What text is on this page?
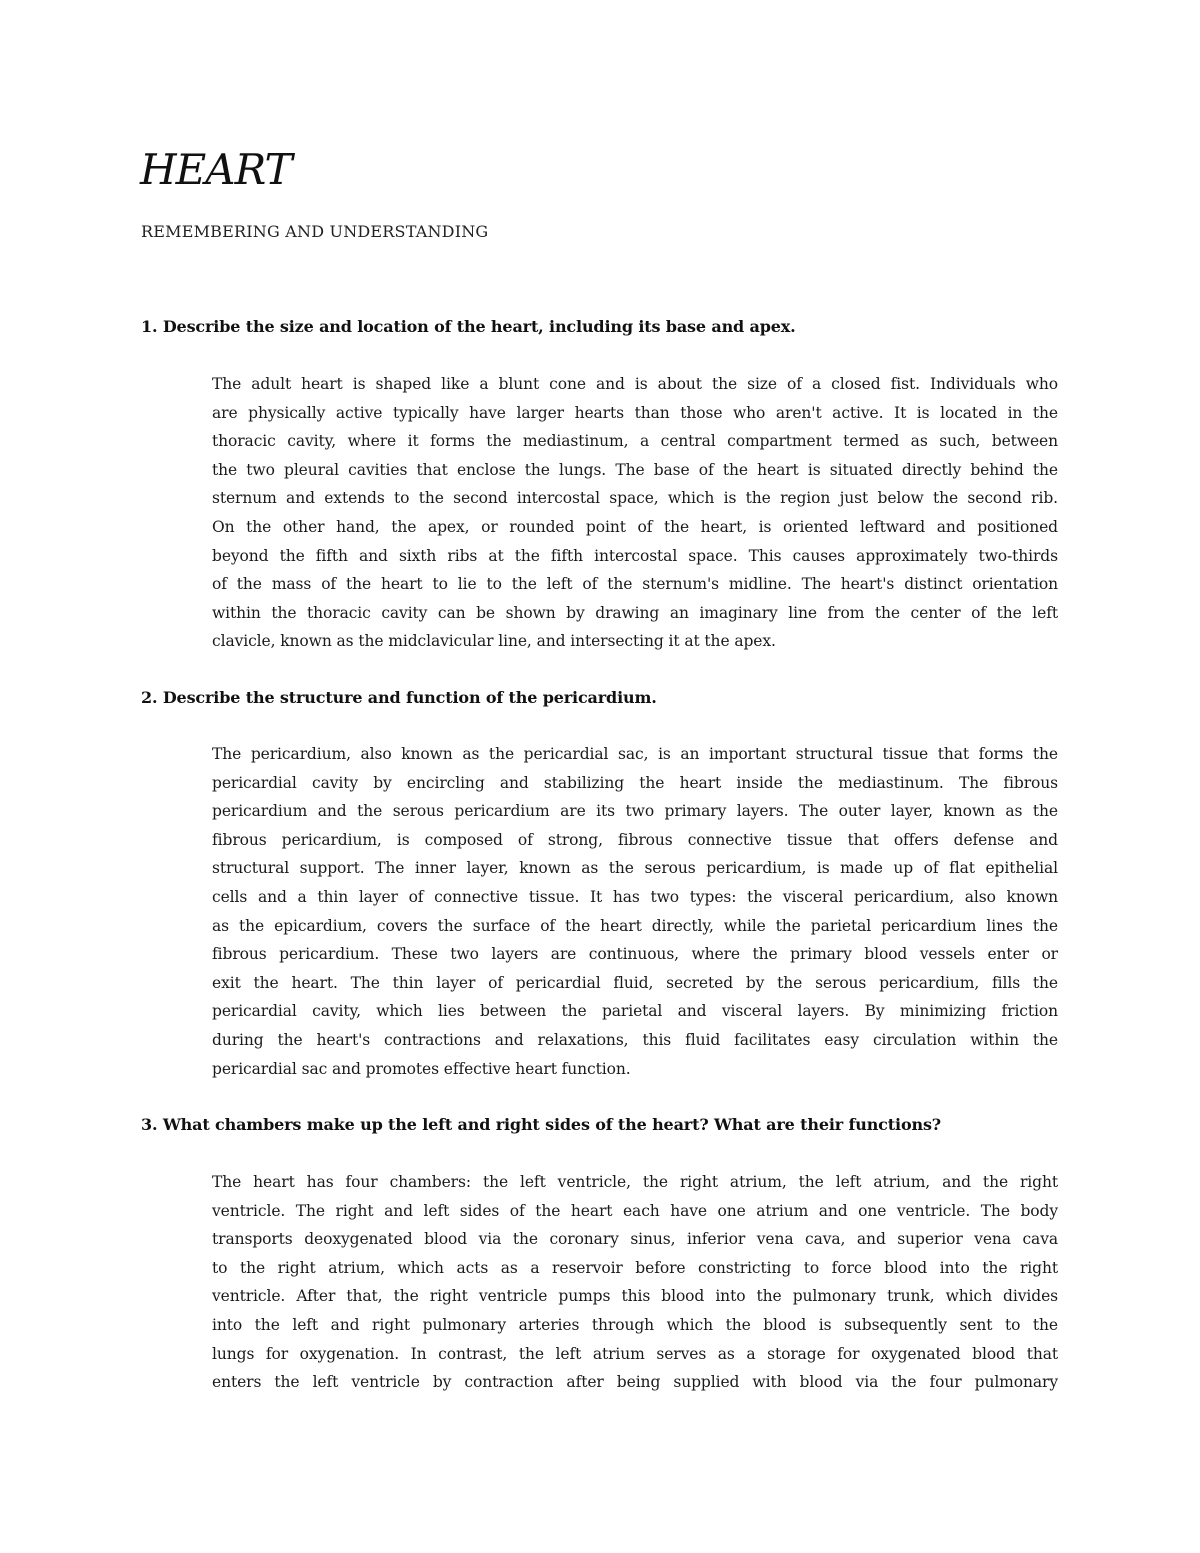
HEART

REMEMBERING AND UNDERSTANDING

1. Describe the size and location of the heart, including its base and apex.

The adult heart is shaped like a blunt cone and is about the size of a closed fist. Individuals who
are physically active typically have larger hearts than those who aren't active. It is located in the
thoracic cavity, where it forms the mediastinum, a central compartment termed as such, between
the two pleural cavities that enclose the lungs. The base of the heart is situated directly behind the
sternum and extends to the second intercostal space, which is the region just below the second rib.
On the other hand, the apex, or rounded point of the heart, is oriented leftward and positioned
beyond the fifth and sixth ribs at the fifth intercostal space. This causes approximately two-thirds
of the mass of the heart to lie to the left of the sternum's midline. The heart's distinct orientation
within the thoracic cavity can be shown by drawing an imaginary line from the center of the left
clavicle, known as the midclavicular line, and intersecting it at the apex.

2. Describe the structure and function of the pericardium.

The pericardium, also known as the pericardial sac, is an important structural tissue that forms the
pericardial cavity by encircling and stabilizing the heart inside the mediastinum. The fibrous
pericardium and the serous pericardium are its two primary layers. The outer layer, known as the
fibrous pericardium, is composed of strong, fibrous connective tissue that offers defense and
structural support. The inner layer, known as the serous pericardium, is made up of flat epithelial
cells and a thin layer of connective tissue. It has two types: the visceral pericardium, also known
as the epicardium, covers the surface of the heart directly, while the parietal pericardium lines the
fibrous pericardium. These two layers are continuous, where the primary blood vessels enter or
exit the heart. The thin layer of pericardial fluid, secreted by the serous pericardium, fills the
pericardial cavity, which lies between the parietal and visceral layers. By minimizing friction
during the heart's contractions and relaxations, this fluid facilitates easy circulation within the
pericardial sac and promotes effective heart function.

3. What chambers make up the left and right sides of the heart? What are their functions?

The heart has four chambers: the left ventricle, the right atrium, the left atrium, and the right
ventricle. The right and left sides of the heart each have one atrium and one ventricle. The body
transports deoxygenated blood via the coronary sinus, inferior vena cava, and superior vena cava
to the right atrium, which acts as a reservoir before constricting to force blood into the right
ventricle. After that, the right ventricle pumps this blood into the pulmonary trunk, which divides
into the left and right pulmonary arteries through which the blood is subsequently sent to the
lungs for oxygenation. In contrast, the left atrium serves as a storage for oxygenated blood that
enters the left ventricle by contraction after being supplied with blood via the four pulmonary
